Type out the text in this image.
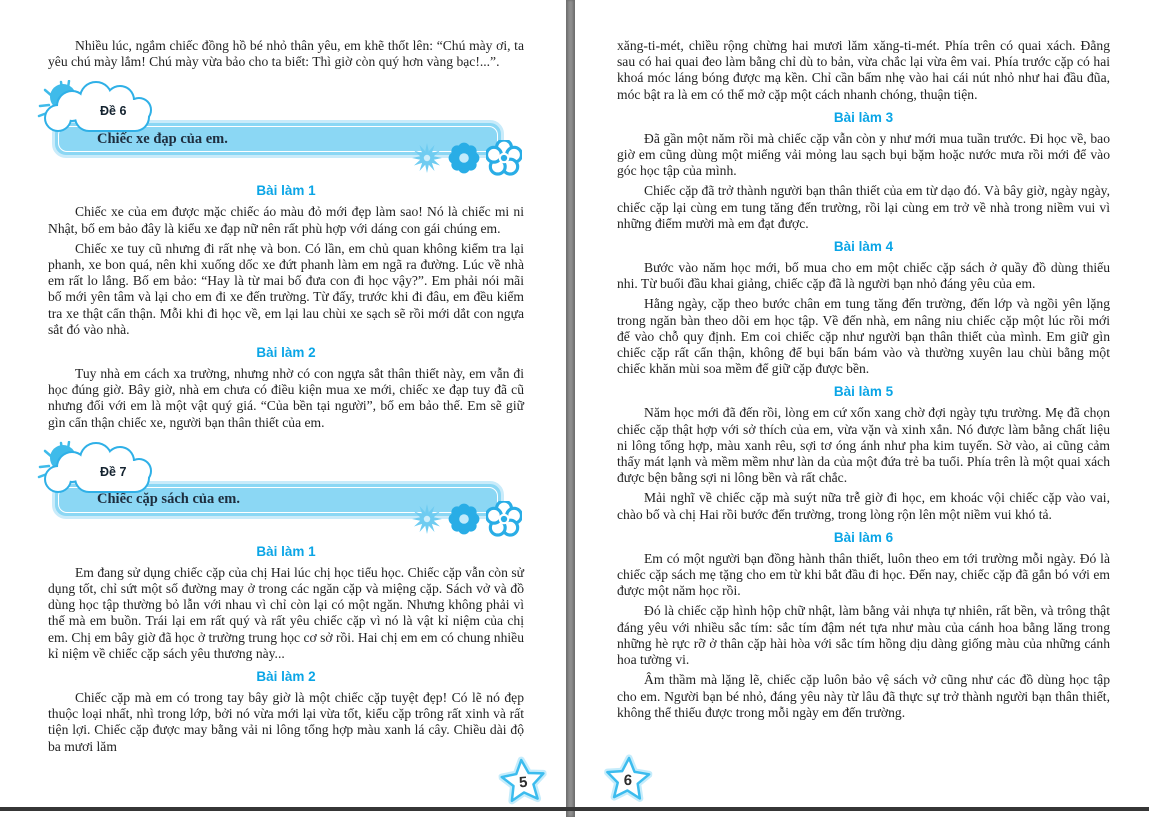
Nhiều lúc, ngắm chiếc đồng hồ bé nhỏ thân yêu, em khẽ thốt lên: “Chú mày ơi, ta yêu chú mày lắm! Chú mày vừa bảo cho ta biết: Thì giờ còn quý hơn vàng bạc!...”.

Chiếc xe đạp của em.
Đề 6
Bài làm 1

Chiếc xe của em được mặc chiếc áo màu đỏ mới đẹp làm sao! Nó là chiếc mi ni Nhật, bố em bảo đây là kiểu xe đạp nữ nên rất phù hợp với dáng con gái chúng em.

Chiếc xe tuy cũ nhưng đi rất nhẹ và bon. Có lần, em chủ quan không kiểm tra lại phanh, xe bon quá, nên khi xuống dốc xe đứt phanh làm em ngã ra đường. Lúc về nhà em rất lo lắng. Bố em bảo: “Hay là từ mai bố đưa con đi học vậy?”. Em phải nói mãi bố mới yên tâm và lại cho em đi xe đến trường. Từ đấy, trước khi đi đâu, em đều kiểm tra xe thật cẩn thận. Mỗi khi đi học về, em lại lau chùi xe sạch sẽ rồi mới dắt con ngựa sắt đó vào nhà.

Bài làm 2

Tuy nhà em cách xa trường, nhưng nhờ có con ngựa sắt thân thiết này, em vẫn đi học đúng giờ. Bây giờ, nhà em chưa có điều kiện mua xe mới, chiếc xe đạp tuy đã cũ nhưng đối với em là một vật quý giá. “Của bền tại người”, bố em bảo thế. Em sẽ giữ gìn cẩn thận chiếc xe, người bạn thân thiết của em.

Chiếc cặp sách của em.
Đề 7
Bài làm 1

Em đang sử dụng chiếc cặp của chị Hai lúc chị học tiểu học. Chiếc cặp vẫn còn sử dụng tốt, chỉ sứt một số đường may ở trong các ngăn cặp và miệng cặp. Sách vở và đồ dùng học tập thường bỏ lẫn với nhau vì chỉ còn lại có một ngăn. Nhưng không phải vì thế mà em buồn. Trái lại em rất quý và rất yêu chiếc cặp vì nó là vật kỉ niệm của chị em. Chị em bây giờ đã học ở trường trung học cơ sở rồi. Hai chị em em có chung nhiều kỉ niệm về chiếc cặp sách yêu thương này...

Bài làm 2

Chiếc cặp mà em có trong tay bây giờ là một chiếc cặp tuyệt đẹp! Có lẽ nó đẹp thuộc loại nhất, nhì trong lớp, bởi nó vừa mới lại vừa tốt, kiểu cặp trông rất xinh và rất tiện lợi. Chiếc cặp được may bằng vải ni lông tổng hợp màu xanh lá cây. Chiều dài độ ba mươi lăm

5

xăng-ti-mét, chiều rộng chừng hai mươi lăm xăng-ti-mét. Phía trên có quai xách. Đằng sau có hai quai đeo làm bằng chỉ dù to bản, vừa chắc lại vừa êm vai. Phía trước cặp có hai khoá móc láng bóng được mạ kền. Chỉ cần bấm nhẹ vào hai cái nút nhỏ như hai đầu đũa, móc bật ra là em có thể mở cặp một cách nhanh chóng, thuận tiện.

Bài làm 3

Đã gần một năm rồi mà chiếc cặp vẫn còn y như mới mua tuần trước. Đi học về, bao giờ em cũng dùng một miếng vải mỏng lau sạch bụi bặm hoặc nước mưa rồi mới để vào góc học tập của mình.

Chiếc cặp đã trở thành người bạn thân thiết của em từ dạo đó. Và bây giờ, ngày ngày, chiếc cặp lại cùng em tung tăng đến trường, rồi lại cùng em trở về nhà trong niềm vui vì những điểm mười mà em đạt được.

Bài làm 4

Bước vào năm học mới, bố mua cho em một chiếc cặp sách ở quầy đồ dùng thiếu nhi. Từ buổi đầu khai giảng, chiếc cặp đã là người bạn nhỏ đáng yêu của em.

Hằng ngày, cặp theo bước chân em tung tăng đến trường, đến lớp và ngồi yên lặng trong ngăn bàn theo dõi em học tập. Về đến nhà, em nâng niu chiếc cặp một lúc rồi mới để vào chỗ quy định. Em coi chiếc cặp như người bạn thân thiết của mình. Em giữ gìn chiếc cặp rất cẩn thận, không để bụi bẩn bám vào và thường xuyên lau chùi bằng một chiếc khăn mùi soa mềm để giữ cặp được bền.

Bài làm 5

Năm học mới đã đến rồi, lòng em cứ xốn xang chờ đợi ngày tựu trường. Mẹ đã chọn chiếc cặp thật hợp với sở thích của em, vừa vặn và xinh xắn. Nó được làm bằng chất liệu ni lông tổng hợp, màu xanh rêu, sợi tơ óng ánh như pha kim tuyến. Sờ vào, ai cũng cảm thấy mát lạnh và mềm mềm như làn da của một đứa trẻ ba tuổi. Phía trên là một quai xách được bện bằng sợi ni lông bền và rất chắc.

Mải nghĩ về chiếc cặp mà suýt nữa trễ giờ đi học, em khoác vội chiếc cặp vào vai, chào bố và chị Hai rồi bước đến trường, trong lòng rộn lên một niềm vui khó tả.

Bài làm 6

Em có một người bạn đồng hành thân thiết, luôn theo em tới trường mỗi ngày. Đó là chiếc cặp sách mẹ tặng cho em từ khi bắt đầu đi học. Đến nay, chiếc cặp đã gắn bó với em được một năm học rồi.

Đó là chiếc cặp hình hộp chữ nhật, làm bằng vải nhựa tự nhiên, rất bền, và trông thật đáng yêu với nhiều sắc tím: sắc tím đậm nét tựa như màu của cánh hoa bằng lăng trong những hè rực rỡ ở thân cặp hài hòa với sắc tím hồng dịu dàng giống màu của những cánh hoa tường vi.

Âm thầm mà lặng lẽ, chiếc cặp luôn bảo vệ sách vở cũng như các đồ dùng học tập cho em. Người bạn bé nhỏ, đáng yêu này từ lâu đã thực sự trở thành người bạn thân thiết, không thể thiếu được trong mỗi ngày em đến trường.

6
